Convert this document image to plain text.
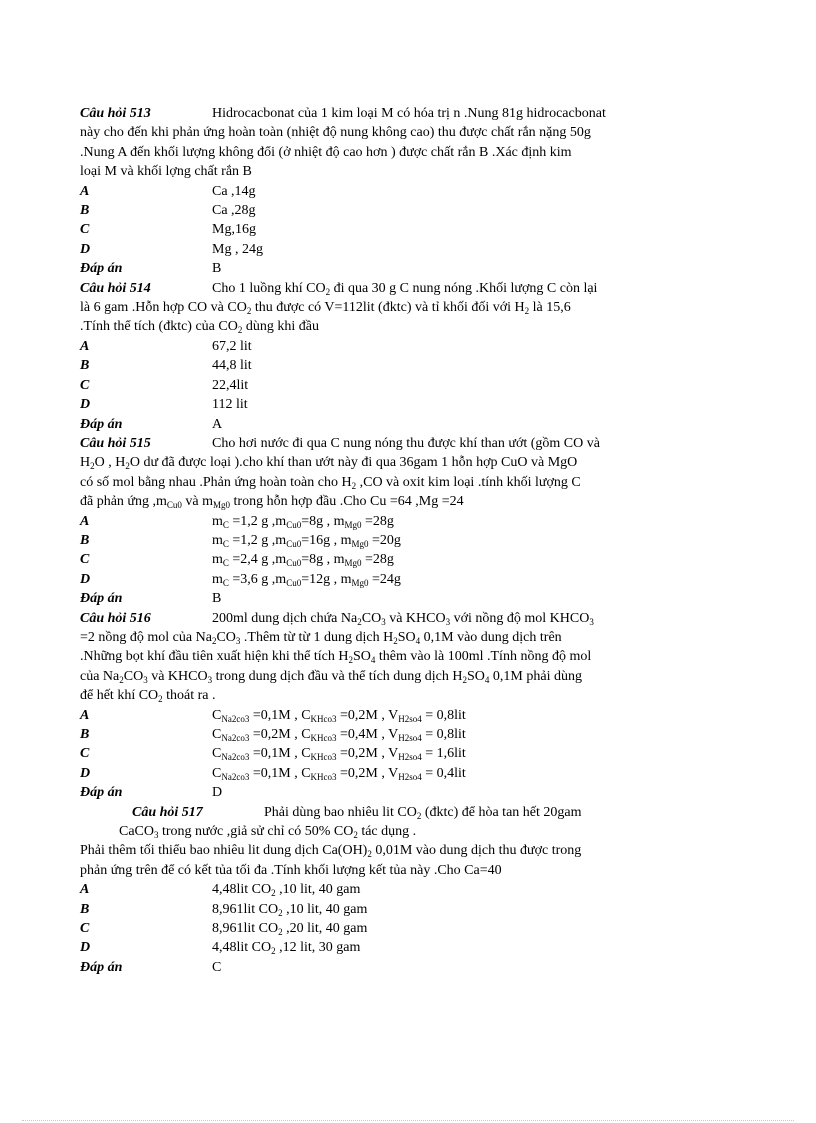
Câu hỏi 513	Hidrocacbonat của 1 kim loại M có hóa trị n .Nung 81g hidrocacbonat
này cho đến khi phản ứng hoàn toàn (nhiệt độ nung không cao) thu được chất rắn nặng 50g
.Nung A đến khối lượng không đổi (ở nhiệt độ cao hơn ) được chất rắn B .Xác định kim
loại M và khối lợng chất rắn B
A	Ca ,14g
B	Ca ,28g
C	Mg,16g
D	Mg , 24g
Đáp án	B
Câu hỏi 514	Cho 1 luồng khí $CO_2$ đi qua 30 g C nung nóng .Khối lượng C còn lại
là 6 gam .Hỗn hợp CO và $CO_2$ thu được có V=112lit (đktc) và tỉ khối đối với $H_2$ là 15,6
.Tính thể tích (đktc) của $CO_2$ dùng khi đầu
A	67,2 lit
B	44,8 lit
C	22,4lit
D	112 lit
Đáp án	A
Câu hỏi 515	Cho hơi nước đi qua C nung nóng thu được khí than ướt (gồm CO và
$H_2O$ , $H_2O$ dư đã được loại ).cho khí than ướt này đi qua 36gam 1 hỗn hợp CuO và MgO
có số mol bằng nhau .Phản ứng hoàn toàn cho $H_2$ ,CO và oxit kim loại .tính khối lượng C
đã phản ứng $,m_{Cu0}$ và $m_{Mg0}$ trong hỗn hợp đầu .Cho Cu =64 ,Mg =24
A	$m_C =1,2$ g $,m_{Cu0}=8g$ , $m_{Mg0} =28g$
B	$m_C =1,2$ g $,m_{Cu0}=16g$ , $m_{Mg0} =20g$
C	$m_C =2,4$ g $,m_{Cu0}=8g$ , $m_{Mg0} =28g$
D	$m_C =3,6$ g $,m_{Cu0}=12g$ , $m_{Mg0} =24g$
Đáp án	B
Câu hỏi 516	200ml dung dịch chứa $Na_2CO_3$ và $KHCO_3$ với nồng độ mol $KHCO_3$
=2 nồng độ mol của $Na_2CO_3$ .Thêm từ từ 1 dung dịch $H_2SO_4$ 0,1M vào dung dịch trên
.Những bọt khí đầu tiên xuất hiện khi thể tích $H_2SO_4$ thêm vào là 100ml .Tính nồng độ mol
của $Na_2CO_3$ và $KHCO_3$ trong dung dịch đầu và thể tích dung dịch $H_2SO_4$ 0,1M phải dùng
để hết khí $CO_2$ thoát ra .
A	$C_{Na2co3} =0,1M$ , $C_{KHco3} =0,2M$ , $V_{H2so4} = 0,8lit$
B	$C_{Na2co3} =0,2M$ , $C_{KHco3} =0,4M$ , $V_{H2so4} = 0,8lit$
C	$C_{Na2co3} =0,1M$ , $C_{KHco3} =0,2M$ , $V_{H2so4} = 1,6lit$
D	$C_{Na2co3} =0,1M$ , $C_{KHco3} =0,2M$ , $V_{H2so4} = 0,4lit$
Đáp án	D
Câu hỏi 517	Phải dùng bao nhiêu lit $CO_2$ (đktc) để hòa tan hết 20gam
CaCO$_3$ trong nước ,giả sử chỉ có 50% $CO_2$ tác dụng .
Phải thêm tối thiểu bao nhiêu lit dung dịch $Ca(OH)_2$ 0,01M vào dung dịch thu được trong
phản ứng trên để có kết tủa tối đa .Tính khối lượng kết tủa này .Cho Ca=40
A	4,48lit $CO_2$ ,10 lit, 40 gam
B	8,961lit $CO_2$ ,10 lit, 40 gam
C	8,961lit $CO_2$ ,20 lit, 40 gam
D	4,48lit $CO_2$ ,12 lit, 30 gam
Đáp án	C
